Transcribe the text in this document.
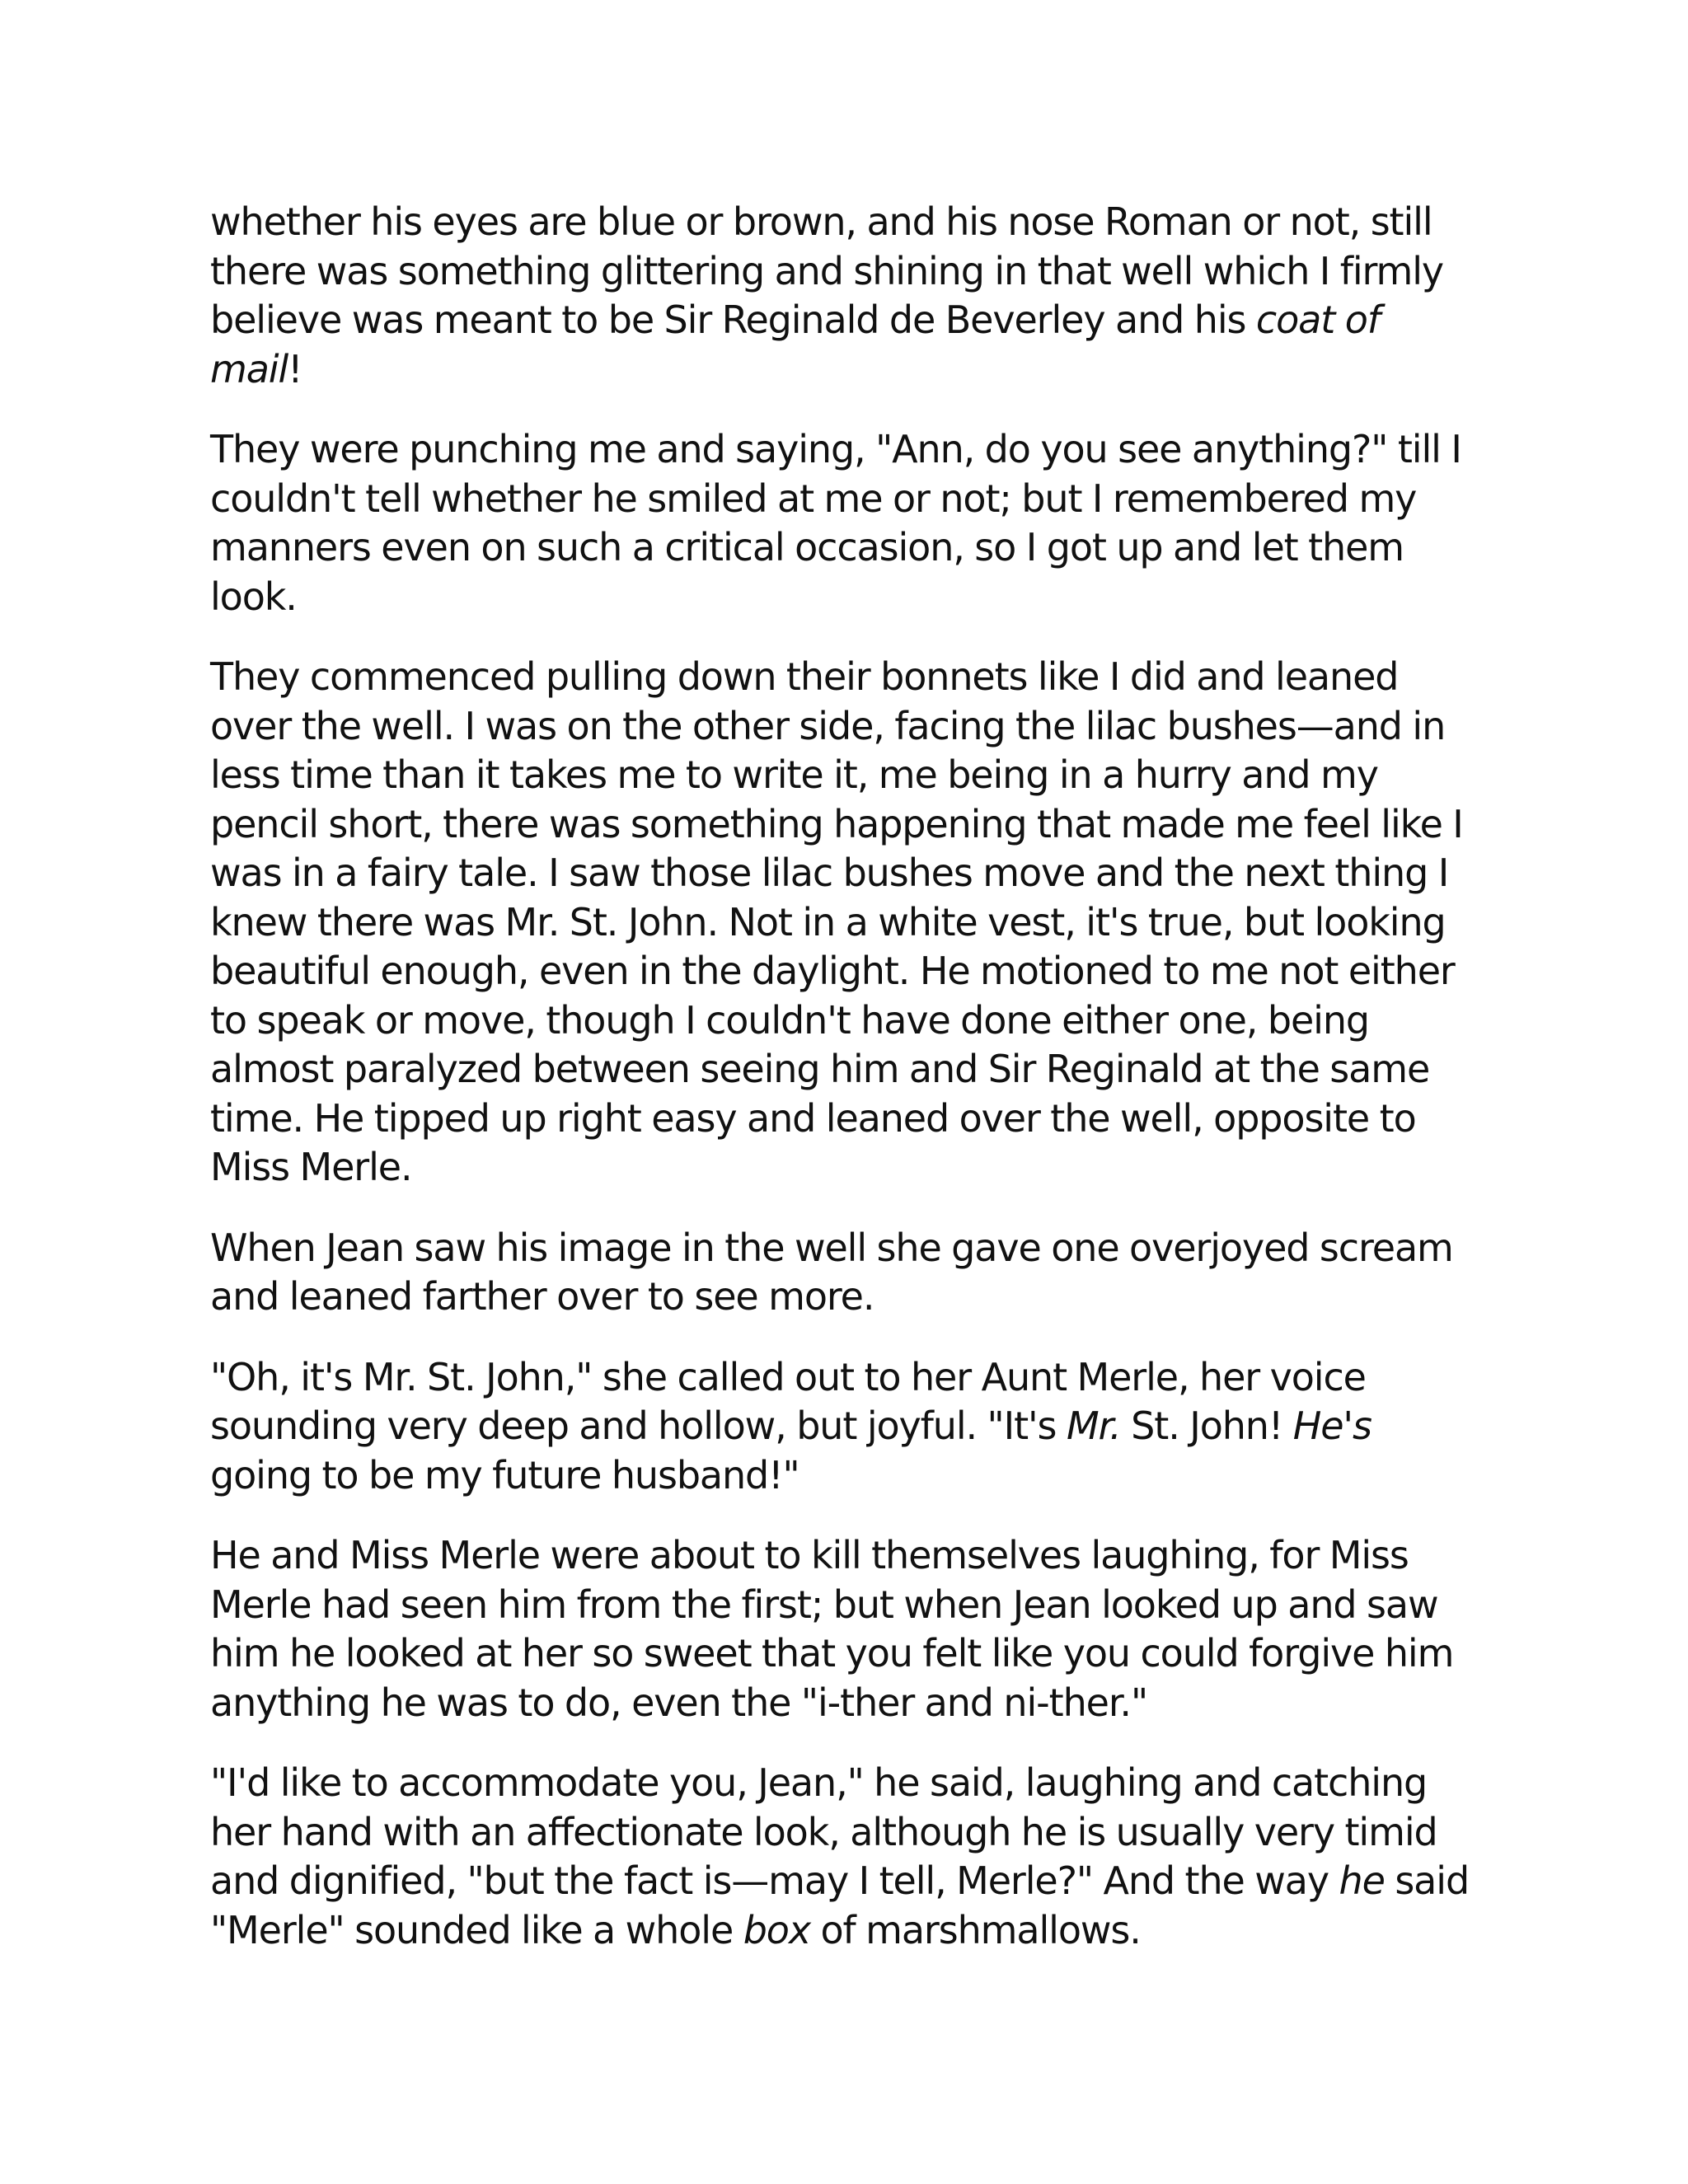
whether his eyes are blue or brown, and his nose Roman or not, still there was something glittering and shining in that well which I firmly believe was meant to be Sir Reginald de Beverley and his coat of mail!

They were punching me and saying, "Ann, do you see anything?" till I couldn't tell whether he smiled at me or not; but I remembered my manners even on such a critical occasion, so I got up and let them look.

They commenced pulling down their bonnets like I did and leaned over the well. I was on the other side, facing the lilac bushes—and in less time than it takes me to write it, me being in a hurry and my pencil short, there was something happening that made me feel like I was in a fairy tale. I saw those lilac bushes move and the next thing I knew there was Mr. St. John. Not in a white vest, it's true, but looking beautiful enough, even in the daylight. He motioned to me not either to speak or move, though I couldn't have done either one, being almost paralyzed between seeing him and Sir Reginald at the same time. He tipped up right easy and leaned over the well, opposite to Miss Merle.

When Jean saw his image in the well she gave one overjoyed scream and leaned farther over to see more.

"Oh, it's Mr. St. John," she called out to her Aunt Merle, her voice sounding very deep and hollow, but joyful. "It's Mr. St. John! He's going to be my future husband!"

He and Miss Merle were about to kill themselves laughing, for Miss Merle had seen him from the first; but when Jean looked up and saw him he looked at her so sweet that you felt like you could forgive him anything he was to do, even the "i-ther and ni-ther."

"I'd like to accommodate you, Jean," he said, laughing and catching her hand with an affectionate look, although he is usually very timid and dignified, "but the fact is—may I tell, Merle?" And the way he said "Merle" sounded like a whole box of marshmallows.
